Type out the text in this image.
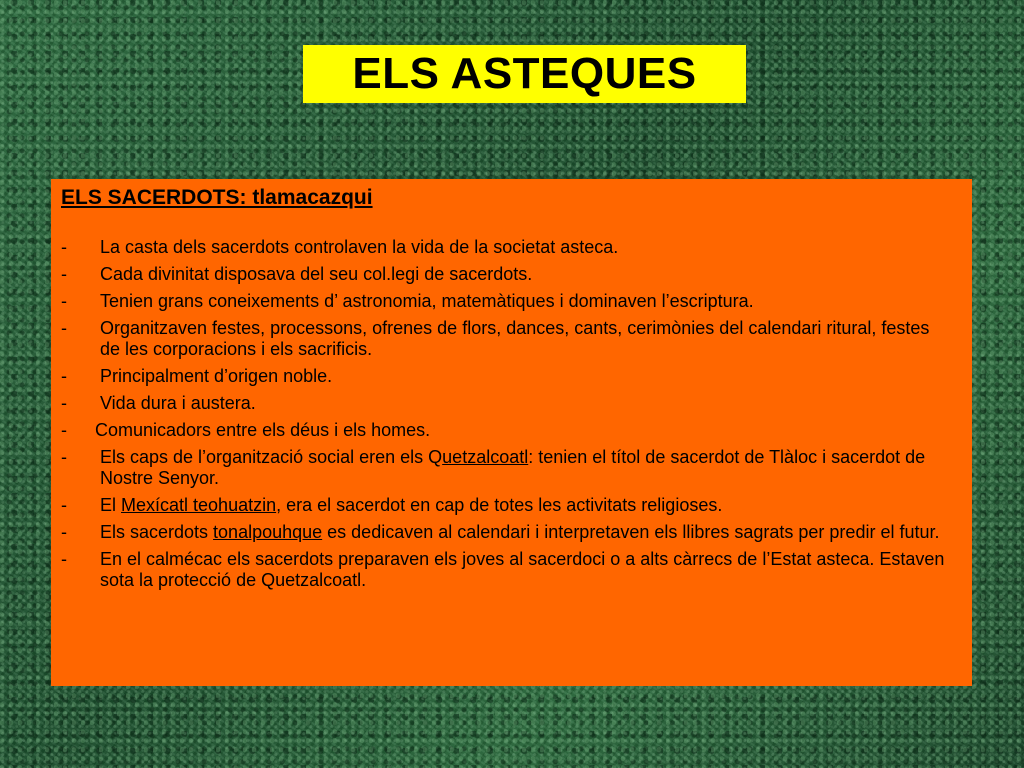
ELS ASTEQUES

ELS SACERDOTS: tlamacazqui

- La casta dels sacerdots controlaven la vida de la societat asteca.
- Cada divinitat disposava del seu col.legi de sacerdots.
- Tenien grans coneixements d’ astronomia, matemàtiques i dominaven l’escriptura.
- Organitzaven festes, processons, ofrenes de flors, dances, cants, cerimònies del calendari ritural, festes de les corporacions i els sacrificis.
- Principalment d’origen noble.
- Vida dura i austera.
- Comunicadors entre els déus i els homes.
- Els caps de l’organització social eren els Quetzalcoatl: tenien el títol de sacerdot de Tlàloc i sacerdot de Nostre Senyor.
- El Mexícatl teohuatzin, era el sacerdot en cap de totes les activitats religioses.
- Els sacerdots tonalpouhque es dedicaven al calendari i interpretaven els llibres sagrats per predir el futur.
- En el calmécac els sacerdots preparaven els joves al sacerdoci o a alts càrrecs de l’Estat asteca. Estaven sota la protecció de Quetzalcoatl.
